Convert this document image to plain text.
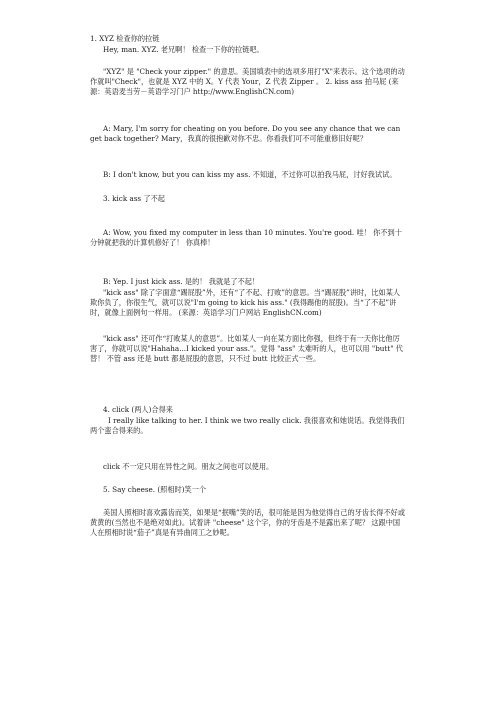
1. XYZ 检查你的拉链

Hey, man. XYZ. 老兄啊！ 检查一下你的拉链吧。

"XYZ" 是 "Check your zipper." 的意思。美国填表中的选项多用打"X"来表示。这个选项的动作就叫"Check"，也就是 XYZ 中的 X。Y 代表 Your，Z 代表 Zipper 。 2. kiss ass 拍马屁 (来源：英语麦当劳－英语学习门户 http://www.EnglishCN.com)

A: Mary, I'm sorry for cheating on you before. Do you see any chance that we can get back together? Mary，我真的很抱歉对你不忠。你看我们可不可能重修旧好呢？

B: I don't know, but you can kiss my ass. 不知道，不过你可以拍我马屁，讨好我试试。

3. kick ass 了不起

A: Wow, you fixed my computer in less than 10 minutes. You're good. 哇！ 你不到十分钟就把我的计算机修好了！ 你真棒！

B: Yep. I just kick ass. 是的！ 我就是了不起！

"kick ass" 除了字面意“踢屁股”外，还有“了不起、打败”的意思。当“踢屁股”讲时，比如某人欺你负了，你很生气，就可以说"I'm going to kick his ass." (我得踢他的屁股)。当“了不起”讲时，就像上面例句一样用。 (来源：英语学习门户网站 EnglishCN.com)

"kick ass" 还可作“打败某人的意思”。比如某人一向在某方面比你强，但终于有一天你比他厉害了，你就可以说"Hahaha...I kicked your ass."。觉得 "ass" 太难听的人，也可以用 "butt" 代替！ 不管 ass 还是 butt 都是屁股的意思，只不过 butt 比较正式一些。

4. click (两人)合得来

I really like talking to her. I think we two really click. 我很喜欢和她说话。我觉得我们两个蛮合得来的。

click 不一定只用在异性之间。朋友之间也可以使用。

5. Say cheese. (照相时)笑一个

美国人照相时喜欢露齿而笑，如果是“抿嘴”笑的话，很可能是因为他觉得自己的牙齿长得不好或黄黄的(当然也不是绝对如此)。试着讲 "cheese" 这个字，你的牙齿是不是露出来了呢？ 这跟中国人在照相时说“茄子”真是有异曲同工之妙呢。
